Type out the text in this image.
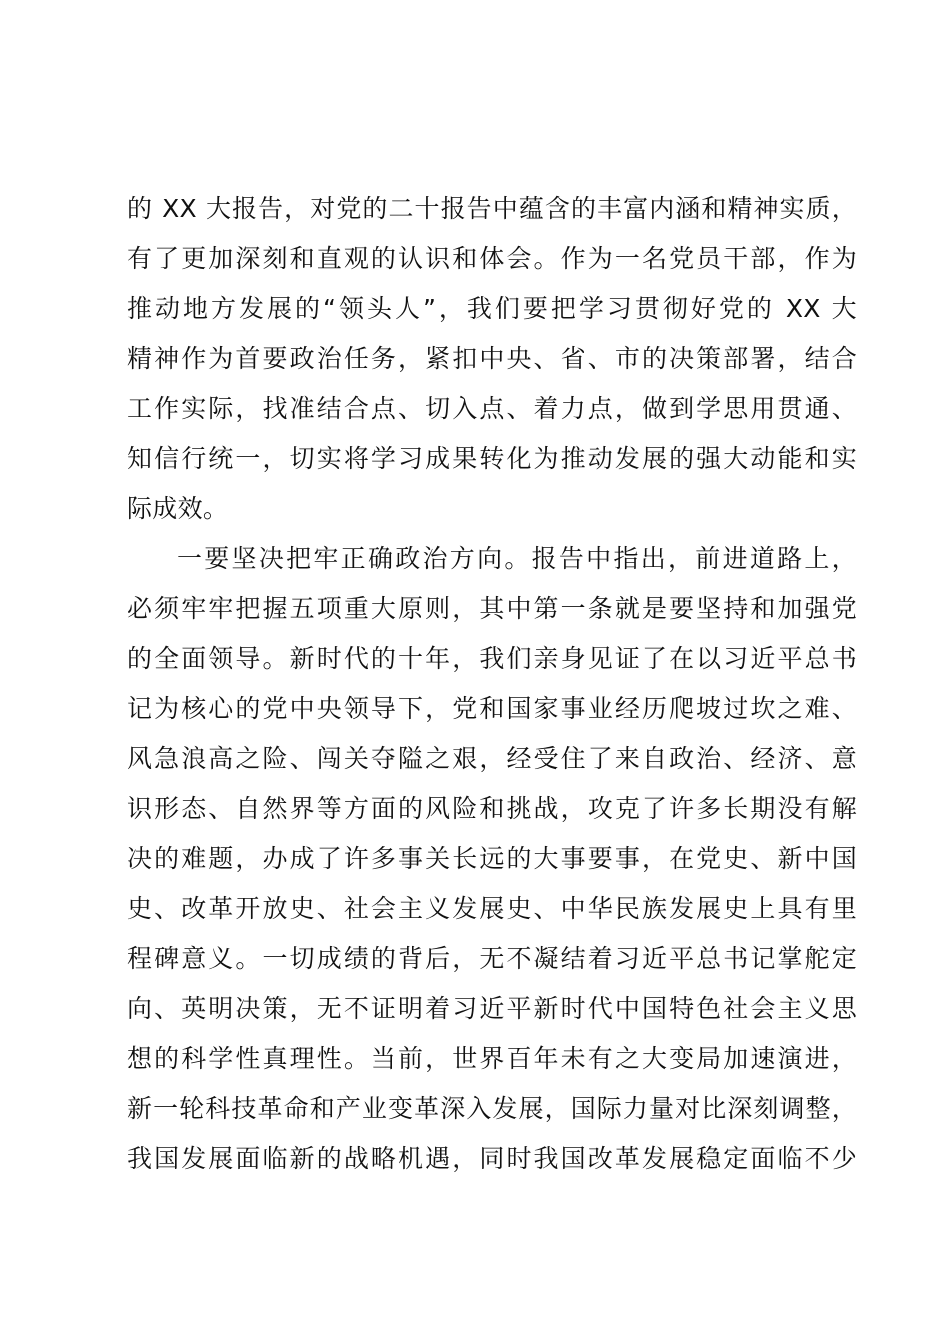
的 XX 大报告，对党的二十报告中蕴含的丰富内涵和精神实质，
有了更加深刻和直观的认识和体会。作为一名党员干部，作为
推动地方发展的“领头人”，我们要把学习贯彻好党的 XX 大
精神作为首要政治任务，紧扣中央、省、市的决策部署，结合
工作实际，找准结合点、切入点、着力点，做到学思用贯通、
知信行统一，切实将学习成果转化为推动发展的强大动能和实
际成效。
一要坚决把牢正确政治方向。报告中指出，前进道路上，
必须牢牢把握五项重大原则，其中第一条就是要坚持和加强党
的全面领导。新时代的十年，我们亲身见证了在以习近平总书
记为核心的党中央领导下，党和国家事业经历爬坡过坎之难、
风急浪高之险、闯关夺隘之艰，经受住了来自政治、经济、意
识形态、自然界等方面的风险和挑战，攻克了许多长期没有解
决的难题，办成了许多事关长远的大事要事，在党史、新中国
史、改革开放史、社会主义发展史、中华民族发展史上具有里
程碑意义。一切成绩的背后，无不凝结着习近平总书记掌舵定
向、英明决策，无不证明着习近平新时代中国特色社会主义思
想的科学性真理性。当前，世界百年未有之大变局加速演进，
新一轮科技革命和产业变革深入发展，国际力量对比深刻调整，
我国发展面临新的战略机遇，同时我国改革发展稳定面临不少
